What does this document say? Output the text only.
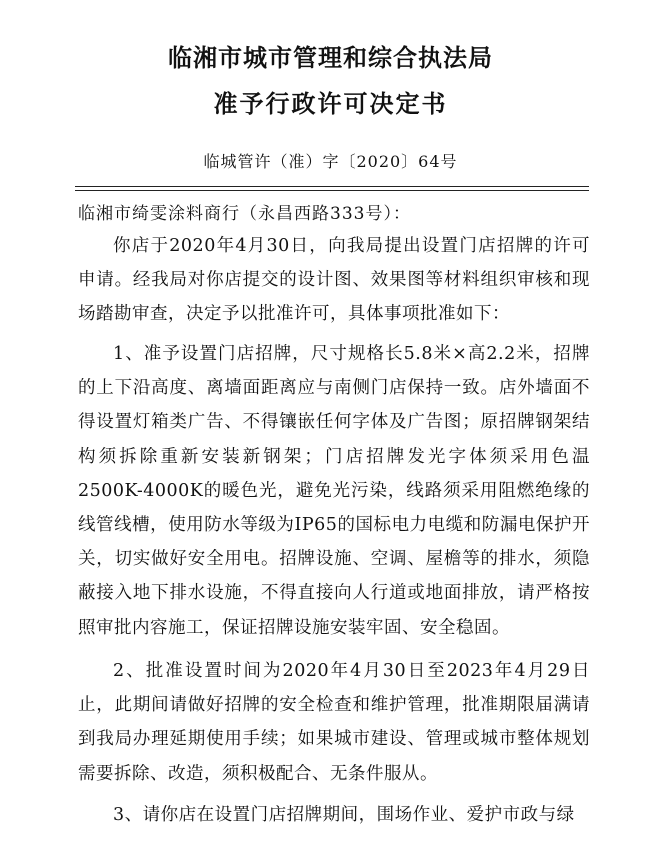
临湘市城市管理和综合执法局
准予行政许可决定书
临城管许（准）字〔2020〕64号
临湘市绮雯涂料商行（永昌西路333号）：
你店于2020年4月30日，向我局提出设置门店招牌的许可申请。经我局对你店提交的设计图、效果图等材料组织审核和现场踏勘审查，决定予以批准许可，具体事项批准如下：
1、准予设置门店招牌，尺寸规格长5.8米×高2.2米，招牌的上下沿高度、离墙面距离应与南侧门店保持一致。店外墙面不得设置灯箱类广告、不得镶嵌任何字体及广告图；原招牌钢架结构须拆除重新安装新钢架；门店招牌发光字体须采用色温2500K-4000K的暖色光，避免光污染，线路须采用阻燃绝缘的线管线槽，使用防水等级为IP65的国标电力电缆和防漏电保护开关，切实做好安全用电。招牌设施、空调、屋檐等的排水，须隐蔽接入地下排水设施，不得直接向人行道或地面排放，请严格按照审批内容施工，保证招牌设施安装牢固、安全稳固。
2、批准设置时间为2020年4月30日至2023年4月29日止，此期间请做好招牌的安全检查和维护管理，批准期限届满请到我局办理延期使用手续；如果城市建设、管理或城市整体规划需要拆除、改造，须积极配合、无条件服从。
3、请你店在设置门店招牌期间，围场作业、爱护市政与绿
